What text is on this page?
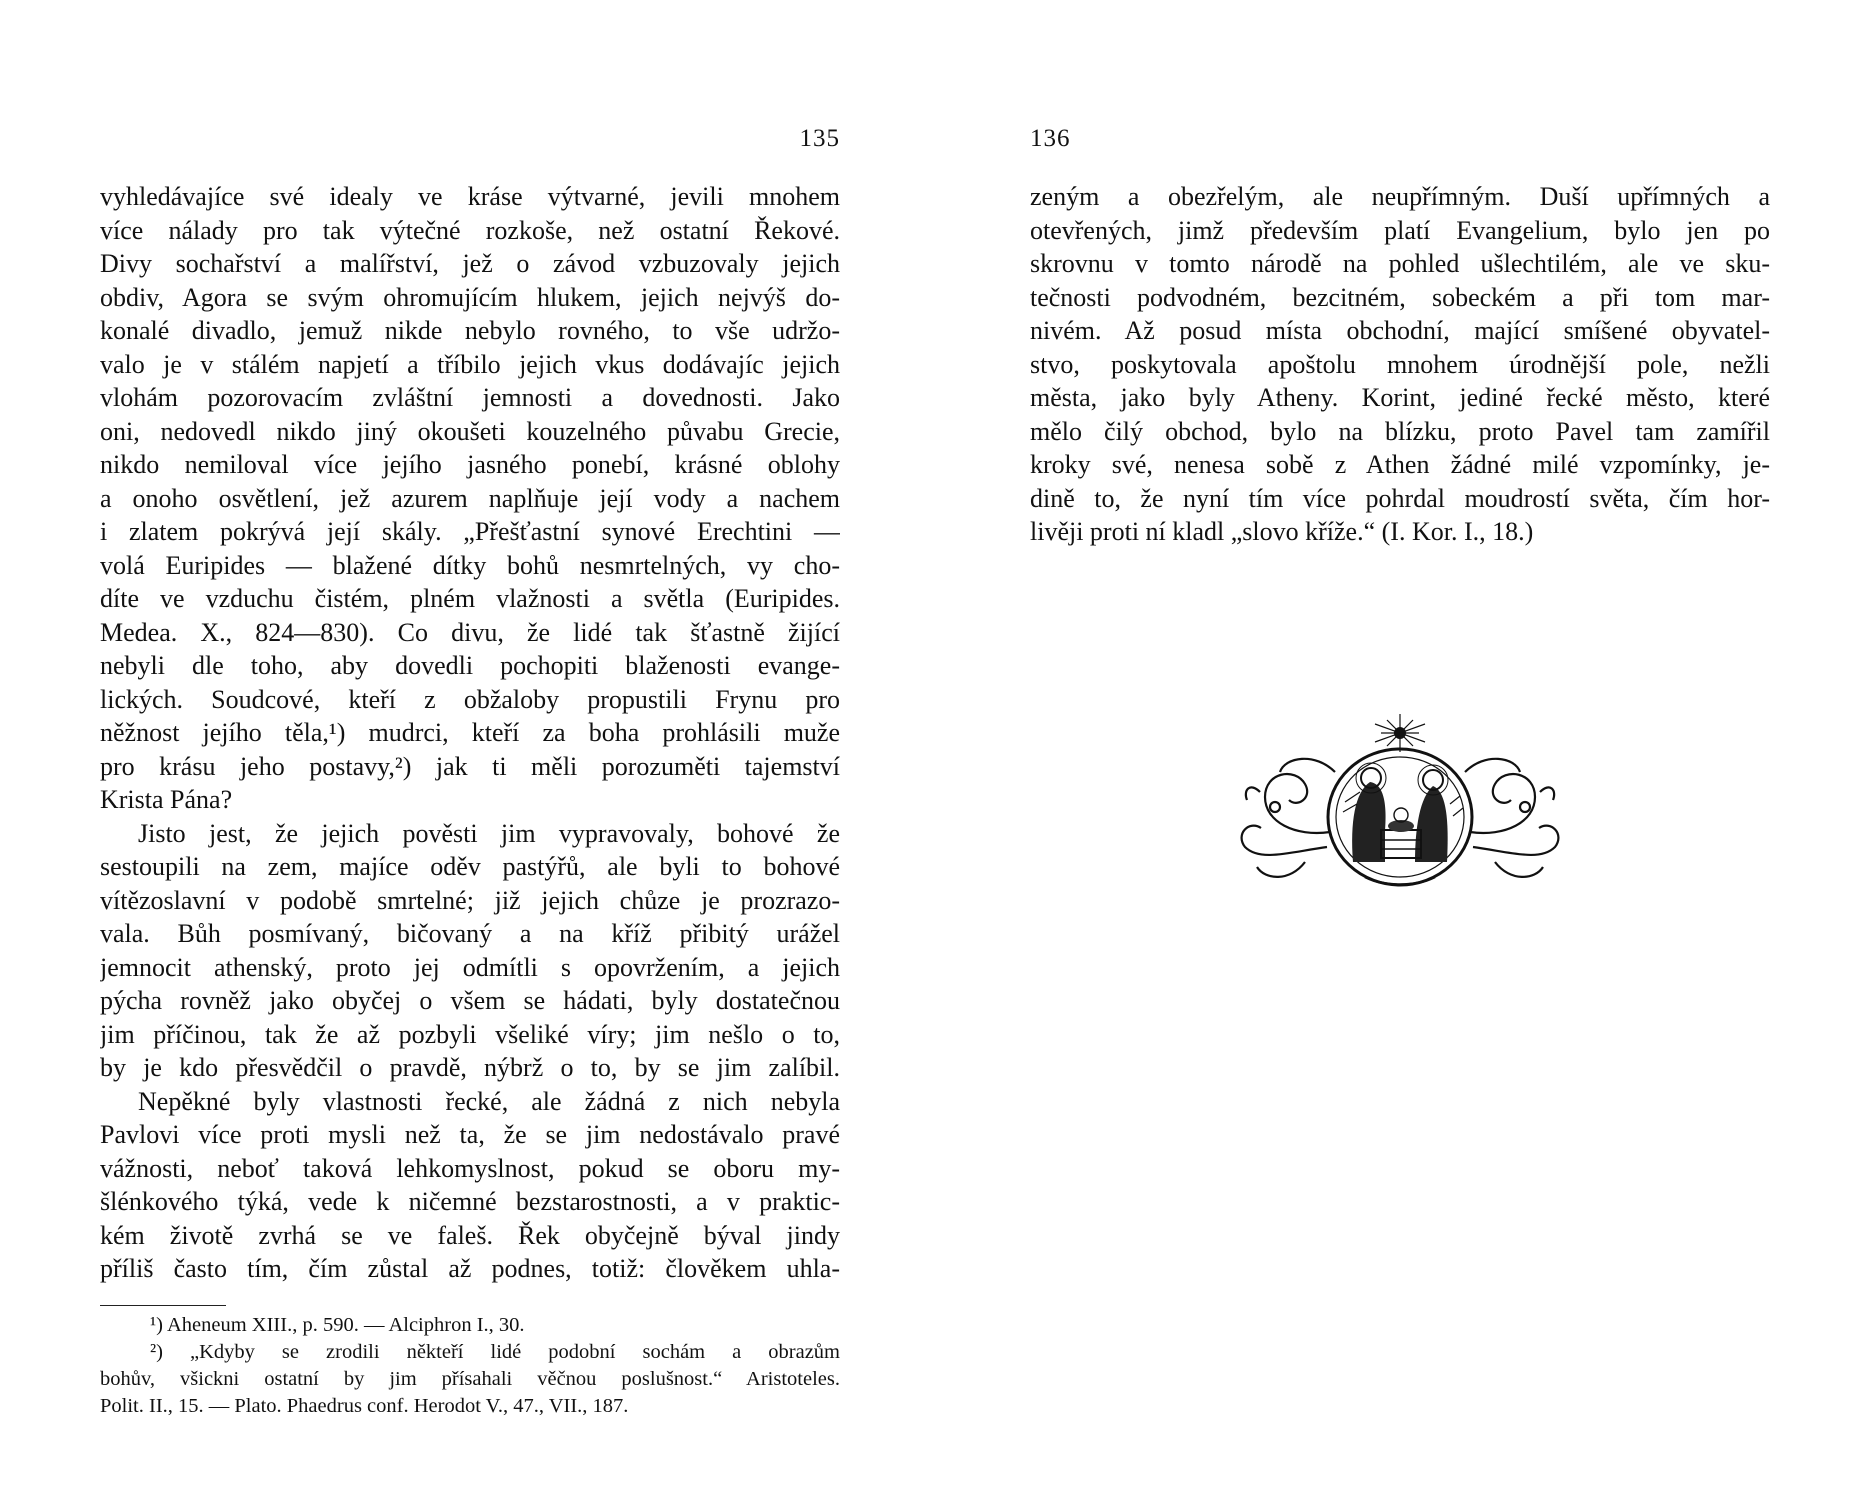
135
vyhledávajíce své idealy ve kráse výtvarné, jevili mnohem
více nálady pro tak výtečné rozkoše, než ostatní Řekové.
Divy sochařství a malířství, jež o závod vzbuzovaly jejich
obdiv, Agora se svým ohromujícím hlukem, jejich nejvýš do-
konalé divadlo, jemuž nikde nebylo rovného, to vše udržo-
valo je v stálém napjetí a tříbilo jejich vkus dodávajíc jejich
vlohám pozorovacím zvláštní jemnosti a dovednosti. Jako
oni, nedovedl nikdo jiný okoušeti kouzelného půvabu Grecie,
nikdo nemiloval více jejího jasného ponebí, krásné oblohy
a onoho osvětlení, jež azurem naplňuje její vody a nachem
i zlatem pokrývá její skály. „Přešťastní synové Erechtini —
volá Euripides — blažené dítky bohů nesmrtelných, vy cho-
díte ve vzduchu čistém, plném vlažnosti a světla (Euripides.
Medea. X., 824—830). Co divu, že lidé tak šťastně žijící
nebyli dle toho, aby dovedli pochopiti blaženosti evange-
lických. Soudcové, kteří z obžaloby propustili Frynu pro
něžnost jejího těla,¹) mudrci, kteří za boha prohlásili muže
pro krásu jeho postavy,²) jak ti měli porozuměti tajemství
Krista Pána?
Jisto jest, že jejich pověsti jim vypravovaly, bohové že
sestoupili na zem, majíce oděv pastýřů, ale byli to bohové
vítězoslavní v podobě smrtelné; již jejich chůze je prozrazo-
vala. Bůh posmívaný, bičovaný a na kříž přibitý urážel
jemnocit athenský, proto jej odmítli s opovržením, a jejich
pýcha rovněž jako obyčej o všem se hádati, byly dostatečnou
jim příčinou, tak že až pozbyli všeliké víry; jim nešlo o to,
by je kdo přesvědčil o pravdě, nýbrž o to, by se jim zalíbil.
Nepěkné byly vlastnosti řecké, ale žádná z nich nebyla
Pavlovi více proti mysli než ta, že se jim nedostávalo pravé
vážnosti, neboť taková lehkomyslnost, pokud se oboru my-
šlénkového týká, vede k ničemné bezstarostnosti, a v praktic-
kém životě zvrhá se ve faleš. Řek obyčejně býval jindy
příliš často tím, čím zůstal až podnes, totiž: člověkem uhla-
¹) Aheneum XIII., p. 590. — Alciphron I., 30.
²) „Kdyby se zrodili někteří lidé podobní sochám a obrazům
bohův, všickni ostatní by jim přísahali věčnou poslušnost.“ Aristoteles.
Polit. II., 15. — Plato. Phaedrus conf. Herodot V., 47., VII., 187.
136
zeným a obezřelým, ale neupřímným. Duší upřímných a
otevřených, jimž především platí Evangelium, bylo jen po
skrovnu v tomto národě na pohled ušlechtilém, ale ve sku-
tečnosti podvodném, bezcitném, sobeckém a při tom mar-
nivém. Až posud místa obchodní, mající smíšené obyvatel-
stvo, poskytovala apoštolu mnohem úrodnější pole, nežli
města, jako byly Atheny. Korint, jediné řecké město, které
mělo čilý obchod, bylo na blízku, proto Pavel tam zamířil
kroky své, nenesa sobě z Athen žádné milé vzpomínky, je-
dině to, že nyní tím více pohrdal moudrostí světa, čím hor-
livěji proti ní kladl „slovo kříže.“ (I. Kor. I., 18.)
